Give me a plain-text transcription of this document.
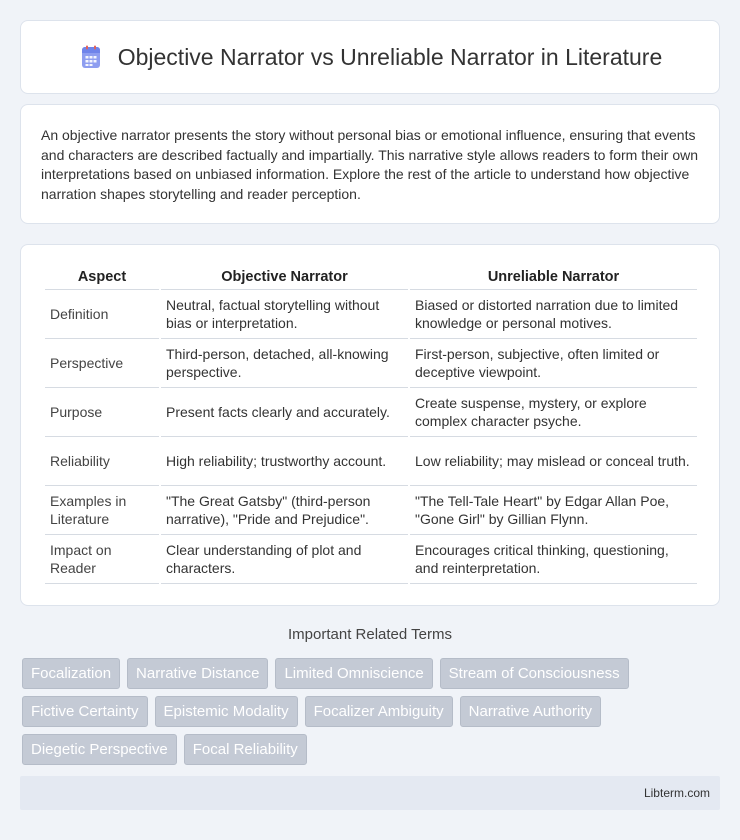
Objective Narrator vs Unreliable Narrator in Literature

An objective narrator presents the story without personal bias or emotional influence, ensuring that events and characters are described factually and impartially. This narrative style allows readers to form their own interpretations based on unbiased information. Explore the rest of the article to understand how objective narration shapes storytelling and reader perception.

Aspect	Objective Narrator	Unreliable Narrator
Definition	Neutral, factual storytelling without bias or interpretation.	Biased or distorted narration due to limited knowledge or personal motives.
Perspective	Third-person, detached, all-knowing perspective.	First-person, subjective, often limited or deceptive viewpoint.
Purpose	Present facts clearly and accurately.	Create suspense, mystery, or explore complex character psyche.
Reliability	High reliability; trustworthy account.	Low reliability; may mislead or conceal truth.
Examples in Literature	"The Great Gatsby" (third-person narrative), "Pride and Prejudice".	"The Tell-Tale Heart" by Edgar Allan Poe, "Gone Girl" by Gillian Flynn.
Impact on Reader	Clear understanding of plot and characters.	Encourages critical thinking, questioning, and reinterpretation.
Important Related Terms
Focalization	Narrative Distance	Limited Omniscience	Stream of Consciousness
Fictive Certainty	Epistemic Modality	Focalizer Ambiguity	Narrative Authority
Diegetic Perspective	Focal Reliability
Libterm.com
